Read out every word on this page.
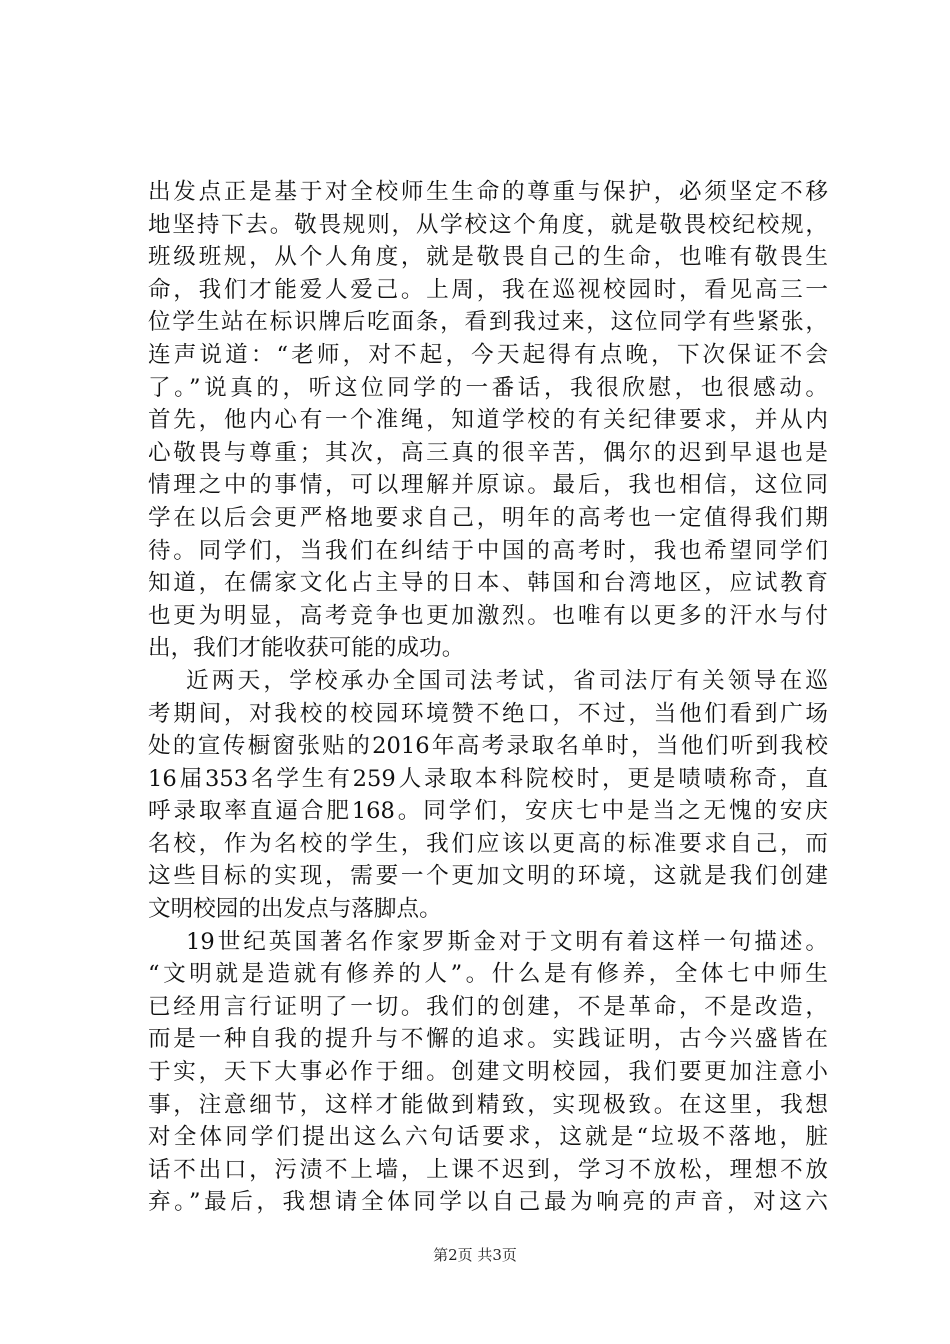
出发点正是基于对全校师生生命的尊重与保护，必须坚定不移
地坚持下去。敬畏规则，从学校这个角度，就是敬畏校纪校规，
班级班规，从个人角度，就是敬畏自己的生命，也唯有敬畏生
命，我们才能爱人爱己。上周，我在巡视校园时，看见高三一
位学生站在标识牌后吃面条，看到我过来，这位同学有些紧张，
连声说道：“老师，对不起，今天起得有点晚，下次保证不会
了。”说真的，听这位同学的一番话，我很欣慰，也很感动。
首先，他内心有一个准绳，知道学校的有关纪律要求，并从内
心敬畏与尊重；其次，高三真的很辛苦，偶尔的迟到早退也是
情理之中的事情，可以理解并原谅。最后，我也相信，这位同
学在以后会更严格地要求自己，明年的高考也一定值得我们期
待。同学们，当我们在纠结于中国的高考时，我也希望同学们
知道，在儒家文化占主导的日本、韩国和台湾地区，应试教育
也更为明显，高考竞争也更加激烈。也唯有以更多的汗水与付
出，我们才能收获可能的成功。
近两天，学校承办全国司法考试，省司法厅有关领导在巡
考期间，对我校的校园环境赞不绝口，不过，当他们看到广场
处的宣传橱窗张贴的2016年高考录取名单时，当他们听到我校
16届353名学生有259人录取本科院校时，更是啧啧称奇，直
呼录取率直逼合肥168。同学们，安庆七中是当之无愧的安庆
名校，作为名校的学生，我们应该以更高的标准要求自己，而
这些目标的实现，需要一个更加文明的环境，这就是我们创建
文明校园的出发点与落脚点。
19世纪英国著名作家罗斯金对于文明有着这样一句描述。
“文明就是造就有修养的人”。什么是有修养，全体七中师生
已经用言行证明了一切。我们的创建，不是革命，不是改造，
而是一种自我的提升与不懈的追求。实践证明，古今兴盛皆在
于实，天下大事必作于细。创建文明校园，我们要更加注意小
事，注意细节，这样才能做到精致，实现极致。在这里，我想
对全体同学们提出这么六句话要求，这就是“垃圾不落地，脏
话不出口，污渍不上墙，上课不迟到，学习不放松，理想不放
弃。”最后，我想请全体同学以自己最为响亮的声音，对这六
第2页 共3页
